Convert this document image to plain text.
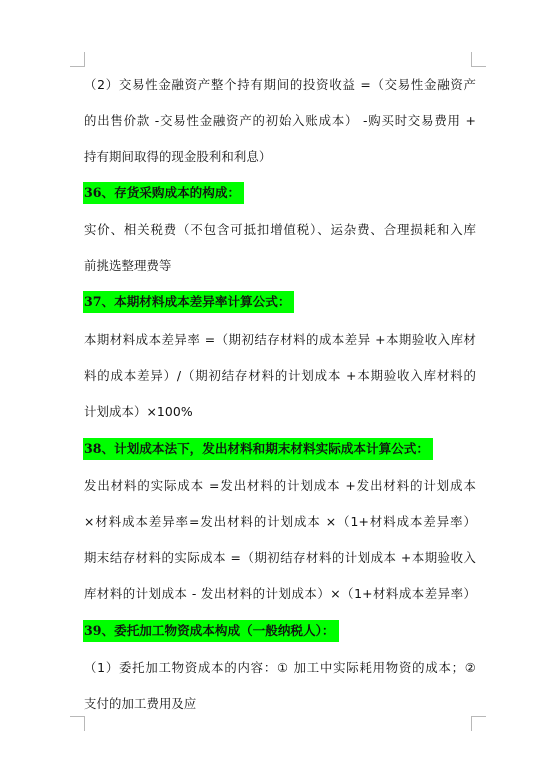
（2）交易性金融资产整个持有期间的投资收益 =（交易性金融资产
的出售价款 -交易性金融资产的初始入账成本） -购买时交易费用 +
持有期间取得的现金股利和利息）
36、存货采购成本的构成：
实价、相关税费（不包含可抵扣增值税）、运杂费、合理损耗和入库
前挑选整理费等
37、本期材料成本差异率计算公式：
本期材料成本差异率 =（期初结存材料的成本差异 +本期验收入库材
料的成本差异）/（期初结存材料的计划成本 +本期验收入库材料的
计划成本）×100%
38、计划成本法下，发出材料和期末材料实际成本计算公式：
发出材料的实际成本 =发出材料的计划成本 +发出材料的计划成本
×材料成本差异率=发出材料的计划成本 ×（1+材料成本差异率）
期末结存材料的实际成本 =（期初结存材料的计划成本 +本期验收入
库材料的计划成本 - 发出材料的计划成本）×（1+材料成本差异率）
39、委托加工物资成本构成（一般纳税人）：
（1）委托加工物资成本的内容：① 加工中实际耗用物资的成本；②
支付的加工费用及应
